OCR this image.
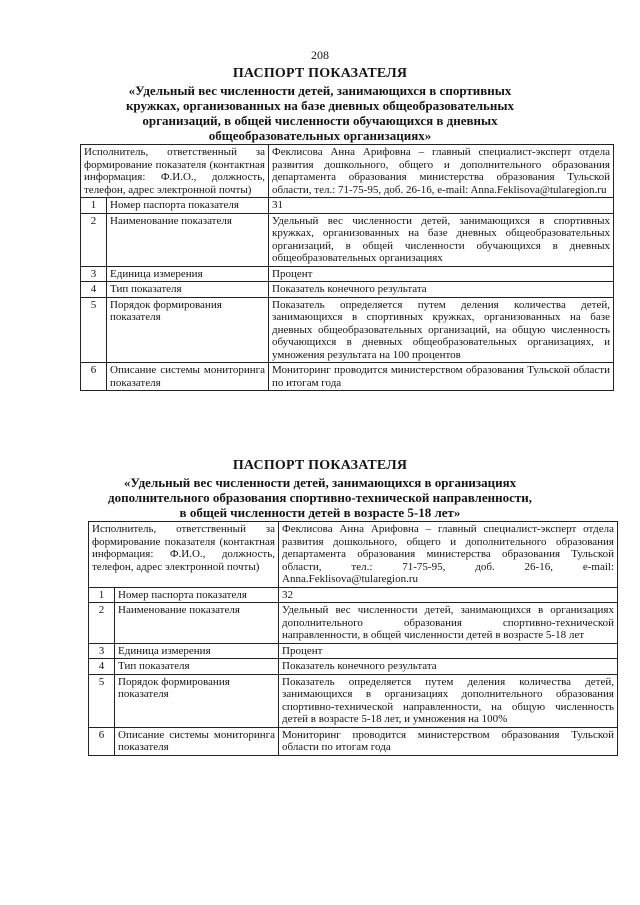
208

ПАСПОРТ ПОКАЗАТЕЛЯ

«Удельный вес численности детей, занимающихся в спортивных
кружках, организованных на базе дневных общеобразовательных
организаций, в общей численности обучающихся в дневных
общеобразовательных организациях»

Исполнитель, ответственный за формирование показателя (контактная информация: Ф.И.О., должность, телефон, адрес электронной почты)		Феклисова Анна Арифовна – главный специалист-эксперт отдела развития дошкольного, общего и дополнительного образования департамента образования министерства образования Тульской области, тел.: 71-75-95, доб. 26-16, e-mail: Anna.Feklisova@tularegion.ru
1	Номер паспорта показателя	31
2	Наименование показателя	Удельный вес численности детей, занимающихся в спортивных кружках, организованных на базе дневных общеобразовательных организаций, в общей численности обучающихся в дневных общеобразовательных организациях
3	Единица измерения	Процент
4	Тип показателя	Показатель конечного результата
5	Порядок формирования показателя	Показатель определяется путем деления количества детей, занимающихся в спортивных кружках, организованных на базе дневных общеобразовательных организаций, на общую численность обучающихся в дневных общеобразовательных организациях, и умножения результата на 100 процентов
6	Описание системы мониторинга показателя	Мониторинг проводится министерством образования Тульской области по итогам года

ПАСПОРТ ПОКАЗАТЕЛЯ

«Удельный вес численности детей, занимающихся в организациях
дополнительного образования спортивно-технической направленности,
в общей численности детей в возрасте 5-18 лет»

Исполнитель, ответственный за формирование показателя (контактная информация: Ф.И.О., должность, телефон, адрес электронной почты)		Феклисова Анна Арифовна – главный специалист-эксперт отдела развития дошкольного, общего и дополнительного образования департамента образования министерства образования Тульской области, тел.: 71-75-95, доб. 26-16, e-mail: Anna.Feklisova@tularegion.ru
1	Номер паспорта показателя	32
2	Наименование показателя	Удельный вес численности детей, занимающихся в организациях дополнительного образования спортивно-технической направленности, в общей численности детей в возрасте 5-18 лет
3	Единица измерения	Процент
4	Тип показателя	Показатель конечного результата
5	Порядок формирования показателя	Показатель определяется путем деления количества детей, занимающихся в организациях дополнительного образования спортивно-технической направленности, на общую численность детей в возрасте 5-18 лет, и умножения на 100%
6	Описание системы мониторинга показателя	Мониторинг проводится министерством образования Тульской области по итогам года
